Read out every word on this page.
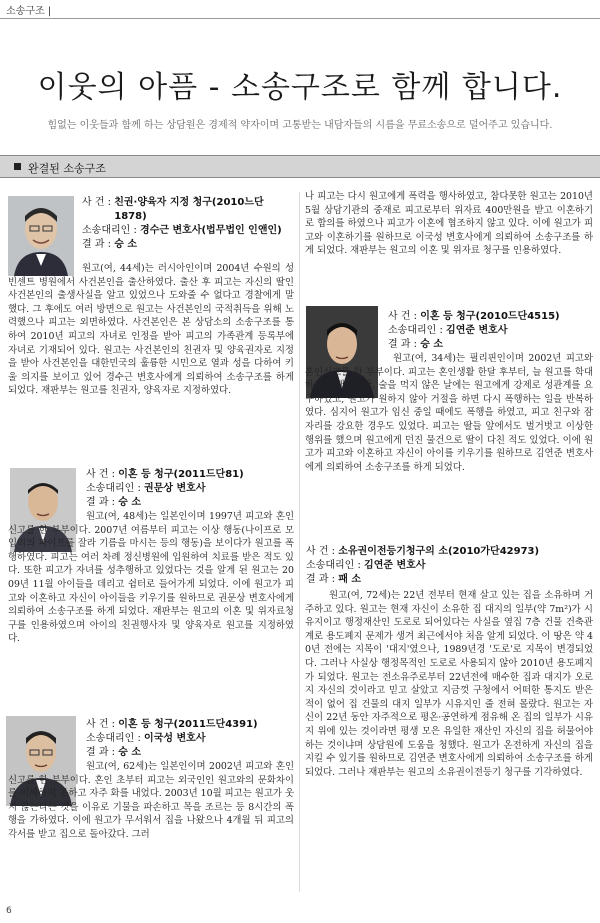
소송구조 |
이웃의 아픔 - 소송구조로 함께 합니다.
힘없는 이웃들과 함께 하는 상담원은 경제적 약자이며 고통받는 내담자들의 시름을 무료소송으로 덜어주고 있습니다.
완결된 소송구조
사 건 :
친권·양육자 지정 청구(2010느단1878)
소송대리인 :
경수근 변호사(법무법인 인앤인)
결 과 :
승 소

원고(여, 44세)는 러시아인이며 2004년 수원의 성빈센트 병원에서 사건본인을 출산하였다. 출산 후 피고는 자신의 딸인 사건본인의 출생사실을 알고 있었으나 도와줄 수 없다고 경찰에게 말했다. 그 후에도 여러 방면으로 원고는 사건본인의 국적취득을 위해 노력했으나 피고는 외면하였다. 사건본인은 본 상담소의 소송구조를 통하여 2010년 피고의 자녀로 인정을 받아 피고의 가족관계 등록부에 자녀로 기재되어 있다. 원고는 사건본인의 친권자 및 양육권자로 지정을 받아 사건본인을 대한민국의 훌륭한 시민으로 열과 성을 다하여 키울 의지를 보이고 있어 경수근 변호사에게 의뢰하여 소송구조를 하게 되었다. 재판부는 원고를 친권자, 양육자로 지정하였다.

사 건 :
이혼 등 청구(2011드단81)
소송대리인 :
권문상 변호사
결 과 :
승 소

원고(여, 48세)는 일본인이며 1997년 피고와 혼인신고를 한 부부이다. 2007년 여름부터 피고는 이상 행동(나이프로 모입리의 파이프를 잘라 기름을 마시는 등의 행동)을 보이다가 원고를 폭행하였다. 피고는 여러 차례 정신병원에 입원하여 치료를 받은 적도 있다. 또한 피고가 자녀를 성추행하고 있었다는 것을 알게 된 원고는 2009년 11월 아이들을 데리고 쉼터로 들어가게 되었다. 이에 원고가 피고와 이혼하고 자신이 아이들을 키우기를 원하므로 권문상 변호사에게 의뢰하여 소송구조를 하게 되었다. 재판부는 원고의 이혼 및 위자료청구를 인용하였으며 아이의 친권행사자 및 양육자로 원고를 지정하였다.

사 건 :
이혼 등 청구(2011드단4391)
소송대리인 :
이국성 변호사
결 과 :
승 소

원고(여, 62세)는 일본인이며 2002년 피고와 혼인신고를 한 부부이다. 혼인 초부터 피고는 외국인인 원고와의 문화차이를 이해하지 못하고 자주 화를 내었다. 2003년 10월 피고는 원고가 웃지 않는다는 것을 이유로 기물을 파손하고 목을 조르는 등 8시간의 폭행을 가하였다. 이에 원고가 무서워서 집을 나왔으나 4개월 뒤 피고의 각서를 받고 집으로 돌아갔다. 그러

나 피고는 다시 원고에게 폭력을 행사하였고, 참다못한 원고는 2010년 5월 상담기관의 중재로 피고로부터 위자료 400만원을 받고 이혼하기로 합의를 하였으나 피고가 이혼에 협조하지 않고 있다. 이에 원고가 피고와 이혼하기를 원하므로 이국성 변호사에게 의뢰하여 소송구조를 하게 되었다. 재판부는 원고의 이혼 및 위자료 청구를 인용하였다.

사 건 :
이혼 등 청구(2010드단4515)
소송대리인 :
김연준 변호사
결 과 :
승 소

원고(여, 34세)는 필리핀인이며 2002년 피고와 혼인신고를 한 부부이다. 피고는 혼인생활 한달 후부터, 늘 원고를 학대하고 폭행하였다. 술을 먹지 않은 날에는 원고에게 강제로 성관계를 요구하였고, 원고가 원하지 않아 거절을 하면 다시 폭행하는 일을 반복하였다. 심지어 원고가 임신 중일 때에도 폭행을 하였고, 피고 친구와 잠자리를 강요한 경우도 있었다. 피고는 딸들 앞에서도 벌거벗고 이상한 행위를 했으며 원고에게 던진 물건으로 딸이 다친 적도 있었다. 이에 원고가 피고와 이혼하고 자신이 아이를 키우기를 원하므로 김연준 변호사에게 의뢰하여 소송구조를 하게 되었다.

사 건 :
소유권이전등기청구의 소(2010가단42973)
소송대리인 :
김연준 변호사
결 과 :
패 소

원고(여, 72세)는 22년 전부터 현재 살고 있는 집을 소유하며 거주하고 있다. 원고는 현재 자신이 소유한 집 대지의 일부(약 7m²)가 시유지이고 행정재산인 도로로 되어있다는 사실을 옆집 7층 건물 건축관계로 용도폐지 문제가 생겨 최근에서야 처음 알게 되었다. 이 땅은 약 40년 전에는 지목이 '대지'였으나, 1989년경 '도로'로 지목이 변경되었다. 그러나 사실상 행정목적인 도로로 사용되지 않아 2010년 용도폐지가 되었다. 원고는 전소유주로부터 22년전에 매수한 집과 대지가 오로지 자신의 것이라고 믿고 살았고 지금껏 구청에서 어떠한 통지도 받은 적이 없어 집 건물의 대지 일부가 시유지인 줄 전혀 몰랐다. 원고는 자신이 22년 동안 자주적으로 평온·공연하게 점유해 온 집의 일부가 시유지 위에 있는 것이라면 평생 모은 유일한 재산인 자신의 집을 허물어야 하는 것이냐며 상담원에 도움을 청했다. 원고가 온전하게 자신의 집을 지킬 수 있기를 원하므로 김연준 변호사에게 의뢰하여 소송구조를 하게 되었다. 그러나 재판부는 원고의 소유권이전등기 청구를 기각하였다.

6
